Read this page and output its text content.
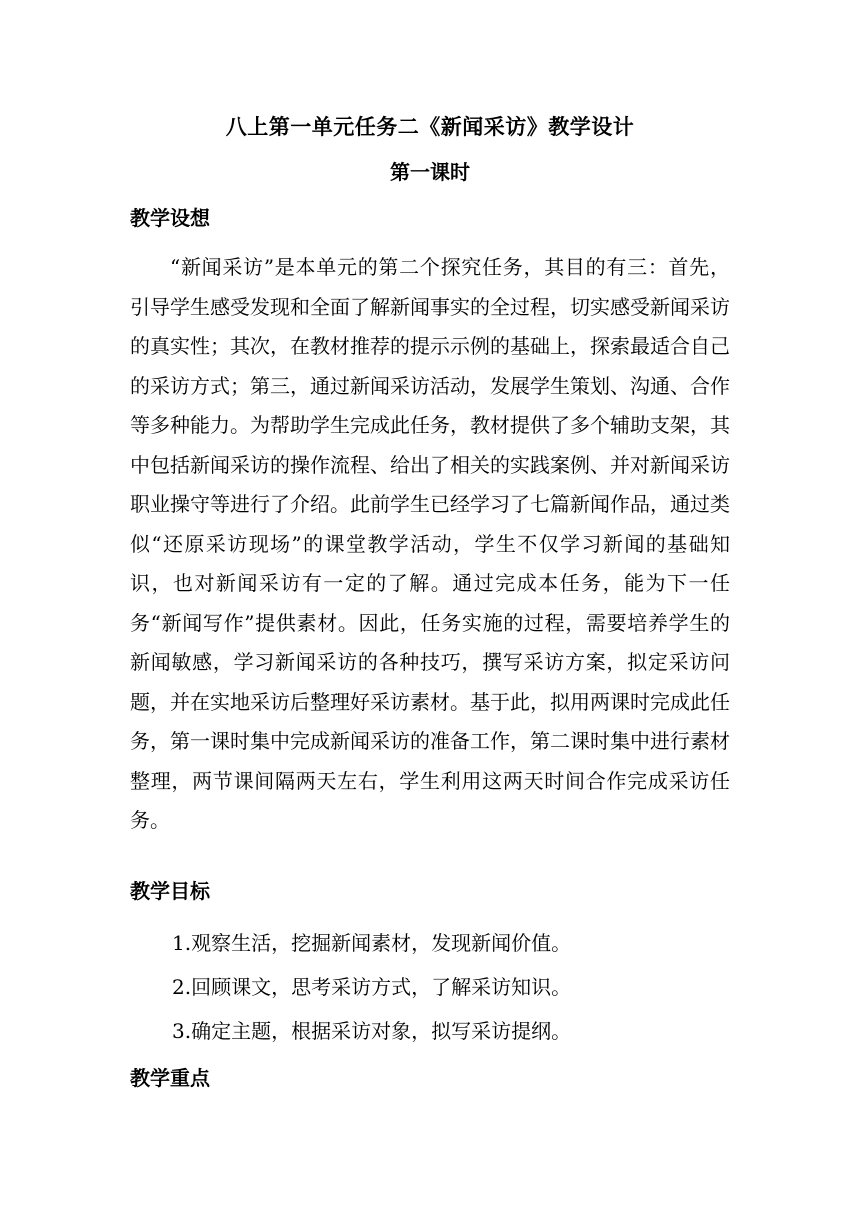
八上第一单元任务二《新闻采访》教学设计
第一课时
教学设想

“新闻采访”是本单元的第二个探究任务，其目的有三：首先，引导学生感受发现和全面了解新闻事实的全过程，切实感受新闻采访的真实性；其次，在教材推荐的提示示例的基础上，探索最适合自己的采访方式；第三，通过新闻采访活动，发展学生策划、沟通、合作等多种能力。为帮助学生完成此任务，教材提供了多个辅助支架，其中包括新闻采访的操作流程、给出了相关的实践案例、并对新闻采访职业操守等进行了介绍。此前学生已经学习了七篇新闻作品，通过类似“还原采访现场”的课堂教学活动，学生不仅学习新闻的基础知识，也对新闻采访有一定的了解。通过完成本任务，能为下一任务“新闻写作”提供素材。因此，任务实施的过程，需要培养学生的新闻敏感，学习新闻采访的各种技巧，撰写采访方案，拟定采访问题，并在实地采访后整理好采访素材。基于此，拟用两课时完成此任务，第一课时集中完成新闻采访的准备工作，第二课时集中进行素材整理，两节课间隔两天左右，学生利用这两天时间合作完成采访任务。

教学目标
1.观察生活，挖掘新闻素材，发现新闻价值。
2.回顾课文，思考采访方式，了解采访知识。
3.确定主题，根据采访对象，拟写采访提纲。
教学重点
